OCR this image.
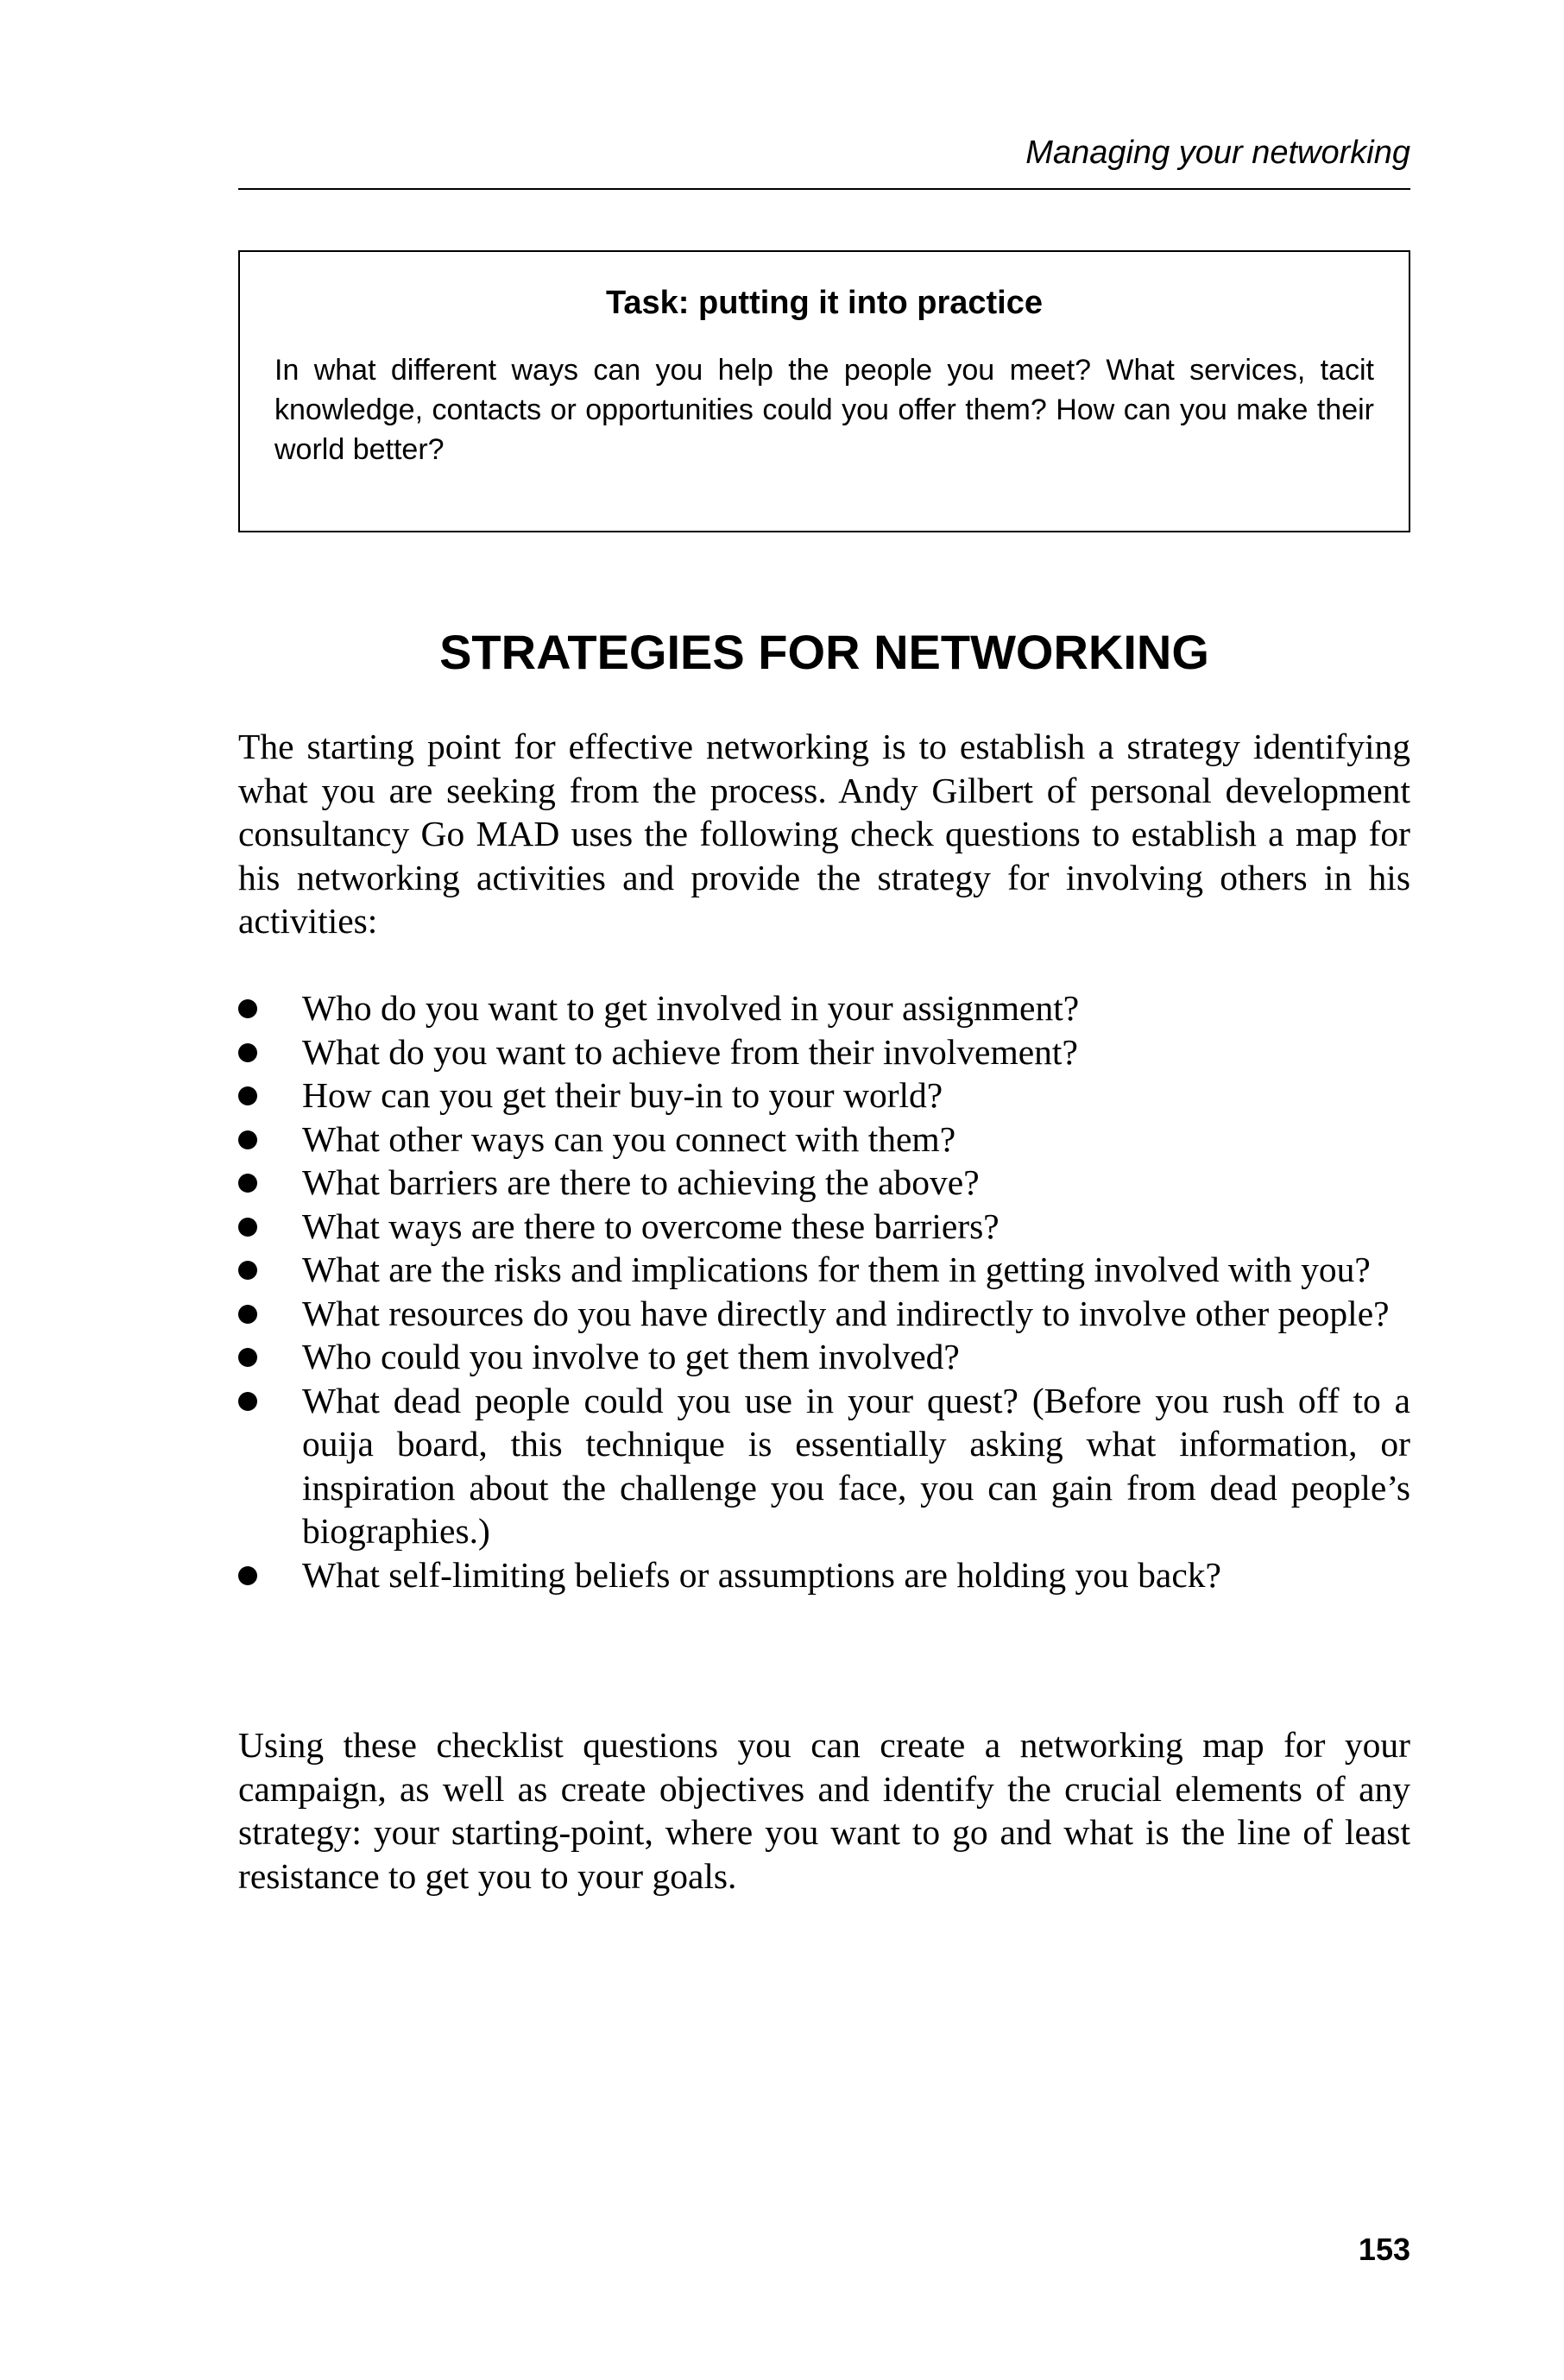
Managing your networking

Task: putting it into practice

In what different ways can you help the people you meet? What services, tacit knowledge, contacts or opportunities could you offer them? How can you make their world better?

STRATEGIES FOR NETWORKING

The starting point for effective networking is to establish a strategy identifying what you are seeking from the process. Andy Gilbert of personal development consultancy Go MAD uses the following check questions to establish a map for his networking activities and provide the strategy for involving others in his activities:

Who do you want to get involved in your assignment?
What do you want to achieve from their involvement?
How can you get their buy-in to your world?
What other ways can you connect with them?
What barriers are there to achieving the above?
What ways are there to overcome these barriers?
What are the risks and implications for them in getting involved with you?
What resources do you have directly and indirectly to involve other people?
Who could you involve to get them involved?
What dead people could you use in your quest? (Before you rush off to a ouija board, this technique is essentially asking what information, or inspiration about the challenge you face, you can gain from dead people’s biographies.)
What self-limiting beliefs or assumptions are holding you back?

Using these checklist questions you can create a networking map for your campaign, as well as create objectives and identify the crucial elements of any strategy: your starting-point, where you want to go and what is the line of least resistance to get you to your goals.

153
